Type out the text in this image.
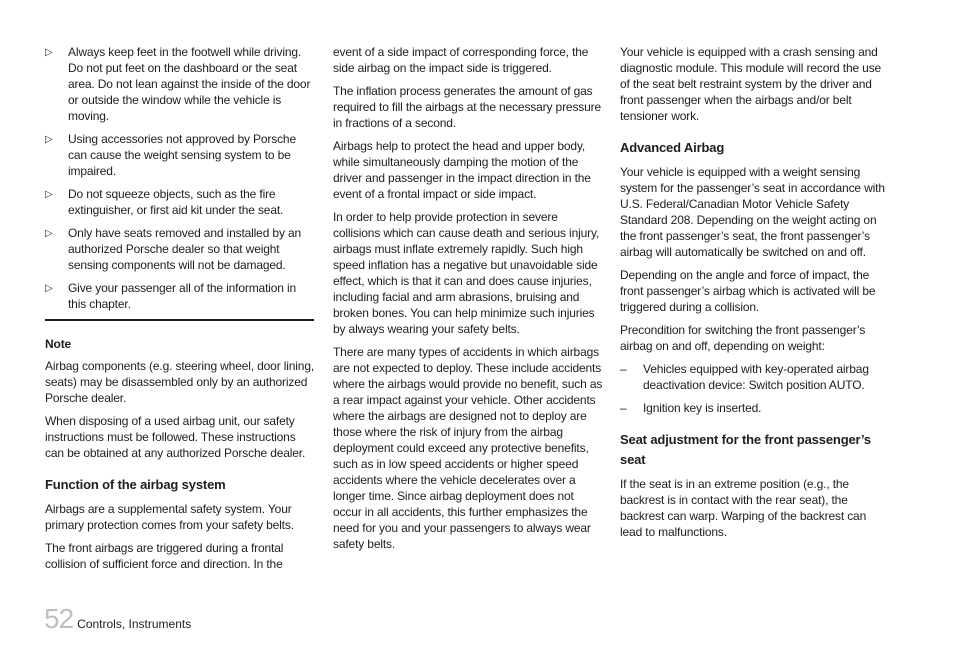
▷	Always keep feet in the footwell while driving. Do not put feet on the dashboard or the seat area. Do not lean against the inside of the door or outside the window while the vehicle is moving.
▷	Using accessories not approved by Porsche can cause the weight sensing system to be impaired.
▷	Do not squeeze objects, such as the fire extinguisher, or first aid kit under the seat.
▷	Only have seats removed and installed by an authorized Porsche dealer so that weight sensing components will not be damaged.
▷	Give your passenger all of the information in this chapter.
Note

Airbag components (e.g. steering wheel, door lining, seats) may be disassembled only by an authorized Porsche dealer.

When disposing of a used airbag unit, our safety instructions must be followed. These instructions can be obtained at any authorized Porsche dealer.

Function of the airbag system

Airbags are a supplemental safety system. Your primary protection comes from your safety belts.

The front airbags are triggered during a frontal collision of sufficient force and direction. In the

event of a side impact of corresponding force, the side airbag on the impact side is triggered.

The inflation process generates the amount of gas required to fill the airbags at the necessary pressure in fractions of a second.

Airbags help to protect the head and upper body, while simultaneously damping the motion of the driver and passenger in the impact direction in the event of a frontal impact or side impact.

In order to help provide protection in severe collisions which can cause death and serious injury, airbags must inflate extremely rapidly. Such high speed inflation has a negative but unavoidable side effect, which is that it can and does cause injuries, including facial and arm abrasions, bruising and broken bones. You can help minimize such injuries by always wearing your safety belts.

There are many types of accidents in which airbags are not expected to deploy. These include accidents where the airbags would provide no benefit, such as a rear impact against your vehicle. Other accidents where the airbags are designed not to deploy are those where the risk of injury from the airbag deployment could exceed any protective benefits, such as in low speed accidents or higher speed accidents where the vehicle decelerates over a longer time. Since airbag deployment does not occur in all accidents, this further emphasizes the need for you and your passengers to always wear safety belts.

Your vehicle is equipped with a crash sensing and diagnostic module. This module will record the use of the seat belt restraint system by the driver and front passenger when the airbags and/or belt tensioner work.

Advanced Airbag

Your vehicle is equipped with a weight sensing system for the passenger’s seat in accordance with U.S. Federal/Canadian Motor Vehicle Safety Standard 208. Depending on the weight acting on the front passenger’s seat, the front passenger’s airbag will automatically be switched on and off.

Depending on the angle and force of impact, the front passenger’s airbag which is activated will be triggered during a collision.

Precondition for switching the front passenger’s airbag on and off, depending on weight:

–	Vehicles equipped with key-operated airbag deactivation device: Switch position AUTO.
–	Ignition key is inserted.
Seat adjustment for the front passenger’s seat

If the seat is in an extreme position (e.g., the backrest is in contact with the rear seat), the backrest can warp. Warping of the backrest can lead to malfunctions.

52 Controls, Instruments
